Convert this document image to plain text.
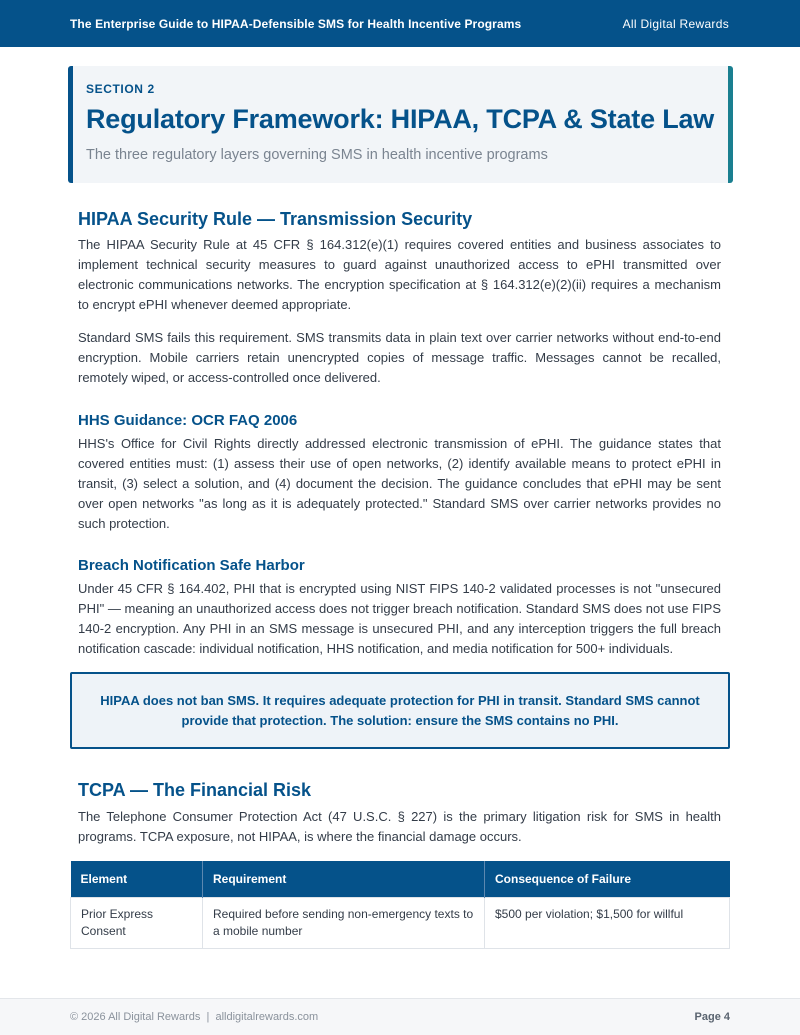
The Enterprise Guide to HIPAA-Defensible SMS for Health Incentive Programs	All Digital Rewards
SECTION 2
Regulatory Framework: HIPAA, TCPA & State Law
The three regulatory layers governing SMS in health incentive programs
HIPAA Security Rule — Transmission Security

The HIPAA Security Rule at 45 CFR § 164.312(e)(1) requires covered entities and business associates to implement technical security measures to guard against unauthorized access to ePHI transmitted over electronic communications networks. The encryption specification at § 164.312(e)(2)(ii) requires a mechanism to encrypt ePHI whenever deemed appropriate.

Standard SMS fails this requirement. SMS transmits data in plain text over carrier networks without end-to-end encryption. Mobile carriers retain unencrypted copies of message traffic. Messages cannot be recalled, remotely wiped, or access-controlled once delivered.

HHS Guidance: OCR FAQ 2006

HHS's Office for Civil Rights directly addressed electronic transmission of ePHI. The guidance states that covered entities must: (1) assess their use of open networks, (2) identify available means to protect ePHI in transit, (3) select a solution, and (4) document the decision. The guidance concludes that ePHI may be sent over open networks "as long as it is adequately protected." Standard SMS over carrier networks provides no such protection.

Breach Notification Safe Harbor

Under 45 CFR § 164.402, PHI that is encrypted using NIST FIPS 140-2 validated processes is not "unsecured PHI" — meaning an unauthorized access does not trigger breach notification. Standard SMS does not use FIPS 140-2 encryption. Any PHI in an SMS message is unsecured PHI, and any interception triggers the full breach notification cascade: individual notification, HHS notification, and media notification for 500+ individuals.

HIPAA does not ban SMS. It requires adequate protection for PHI in transit. Standard SMS cannot provide that protection. The solution: ensure the SMS contains no PHI.

TCPA — The Financial Risk

The Telephone Consumer Protection Act (47 U.S.C. § 227) is the primary litigation risk for SMS in health programs. TCPA exposure, not HIPAA, is where the financial damage occurs.

Element	Requirement	Consequence of Failure
Prior Express Consent	Required before sending non-emergency texts to a mobile number	$500 per violation; $1,500 for willful
© 2026 All Digital Rewards  |  alldigitalrewards.com	Page 4
